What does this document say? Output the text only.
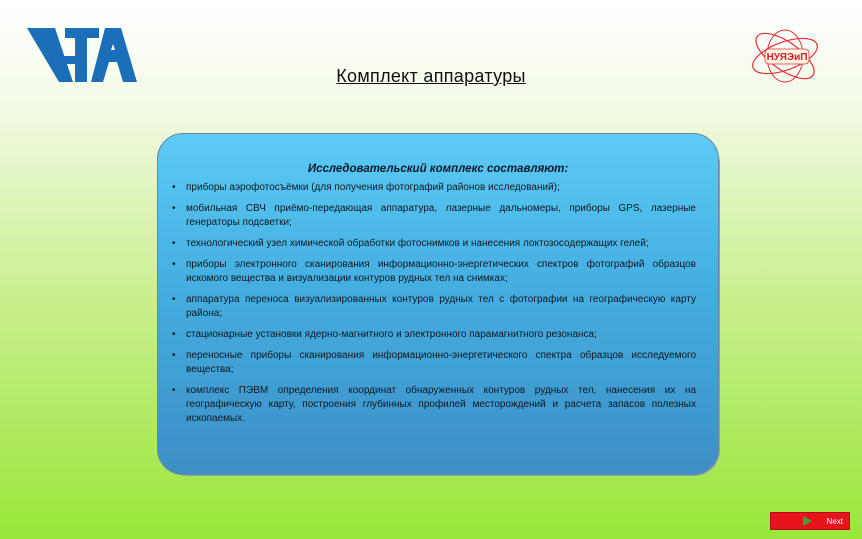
НУЯЭиП
Комплект аппаратуры
Исследовательский комплекс составляют:
• приборы аэрофотосъёмки (для получения фотографий районов исследований);
• мобильная СВЧ приёмо-передающая аппаратура, лазерные дальномеры, приборы GPS, лазерные генераторы подсветки;
• технологический узел химической обработки фотоснимков и нанесения локтозосодержащих гелей;
• приборы электронного сканирования информационно-энергетических спектров фотографий образцов искомого вещества и визуализации контуров рудных тел на снимках;
• аппаратура переноса визуализированных контуров рудных тел с фотографии на географическую карту района;
• стационарные установки ядерно-магнитного и электронного парамагнитного резонанса;
• переносные приборы сканирования информационно-энергетического спектра образцов исследуемого вещества;
• комплекс ПЭВМ определения координат обнаруженных контуров рудных тел, нанесения их на географическую карту, построения глубинных профилей месторождений и расчета запасов полезных ископаемых.
Next
